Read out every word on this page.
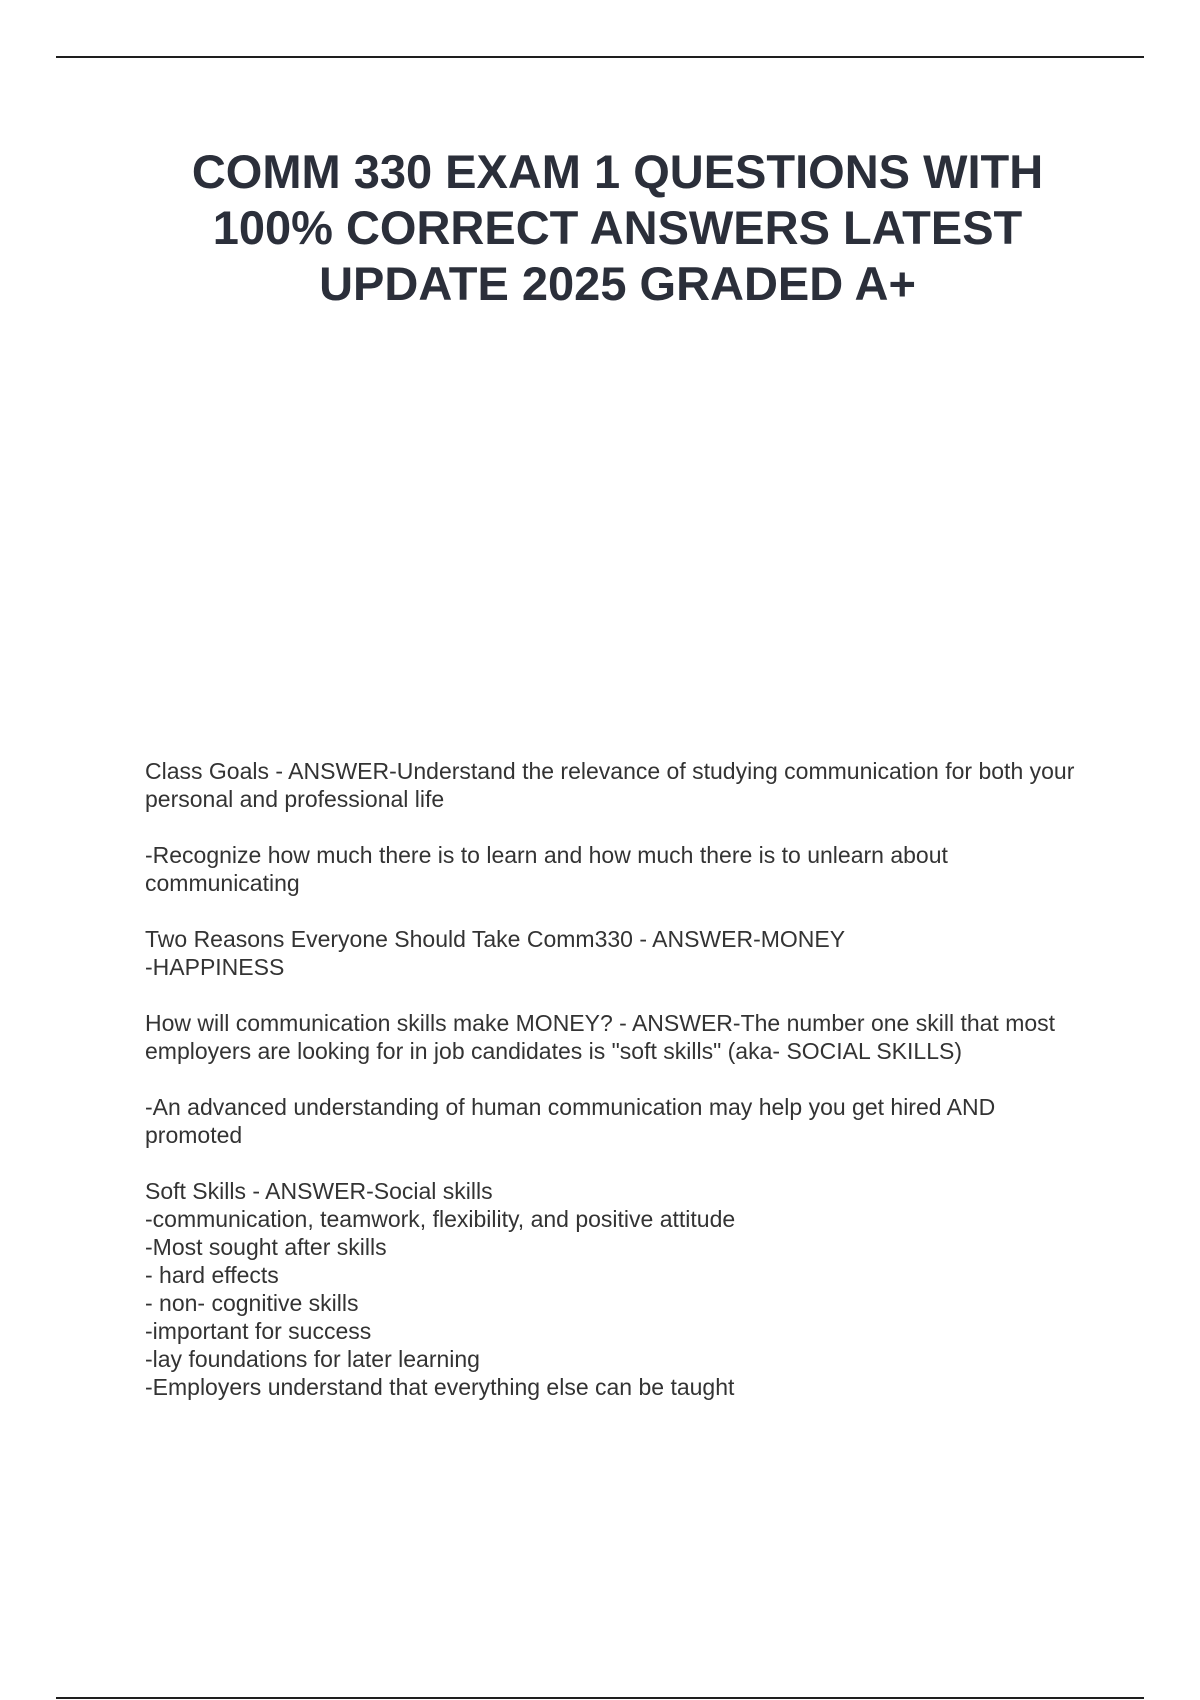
COMM 330 EXAM 1 QUESTIONS WITH 100% CORRECT ANSWERS LATEST UPDATE 2025 GRADED A+

Class Goals - ANSWER-Understand the relevance of studying communication for both your personal and professional life

-Recognize how much there is to learn and how much there is to unlearn about communicating

Two Reasons Everyone Should Take Comm330 - ANSWER-MONEY
-HAPPINESS

How will communication skills make MONEY? - ANSWER-The number one skill that most employers are looking for in job candidates is "soft skills" (aka- SOCIAL SKILLS)

-An advanced understanding of human communication may help you get hired AND promoted

Soft Skills - ANSWER-Social skills
-communication, teamwork, flexibility, and positive attitude
-Most sought after skills
- hard effects
- non- cognitive skills
-important for success
-lay foundations for later learning
-Employers understand that everything else can be taught
